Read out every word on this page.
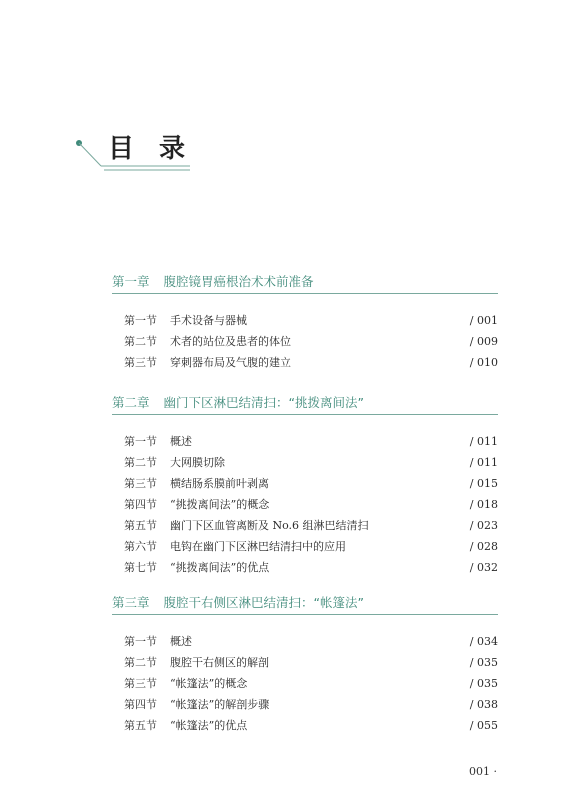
目 录
第一章 腹腔镜胃癌根治术术前准备
第一节	手术设备与器械	/ 001
第二节	术者的站位及患者的体位	/ 009
第三节	穿刺器布局及气腹的建立	/ 010
第二章 幽门下区淋巴结清扫：“挑拨离间法”
第一节	概述	/ 011
第二节	大网膜切除	/ 011
第三节	横结肠系膜前叶剥离	/ 015
第四节	“挑拨离间法”的概念	/ 018
第五节	幽门下区血管离断及 No.6 组淋巴结清扫	/ 023
第六节	电钩在幽门下区淋巴结清扫中的应用	/ 028
第七节	“挑拨离间法”的优点	/ 032
第三章 腹腔干右侧区淋巴结清扫：“帐篷法”
第一节	概述	/ 034
第二节	腹腔干右侧区的解剖	/ 035
第三节	“帐篷法”的概念	/ 035
第四节	“帐篷法”的解剖步骤	/ 038
第五节	“帐篷法”的优点	/ 055
001 ·
